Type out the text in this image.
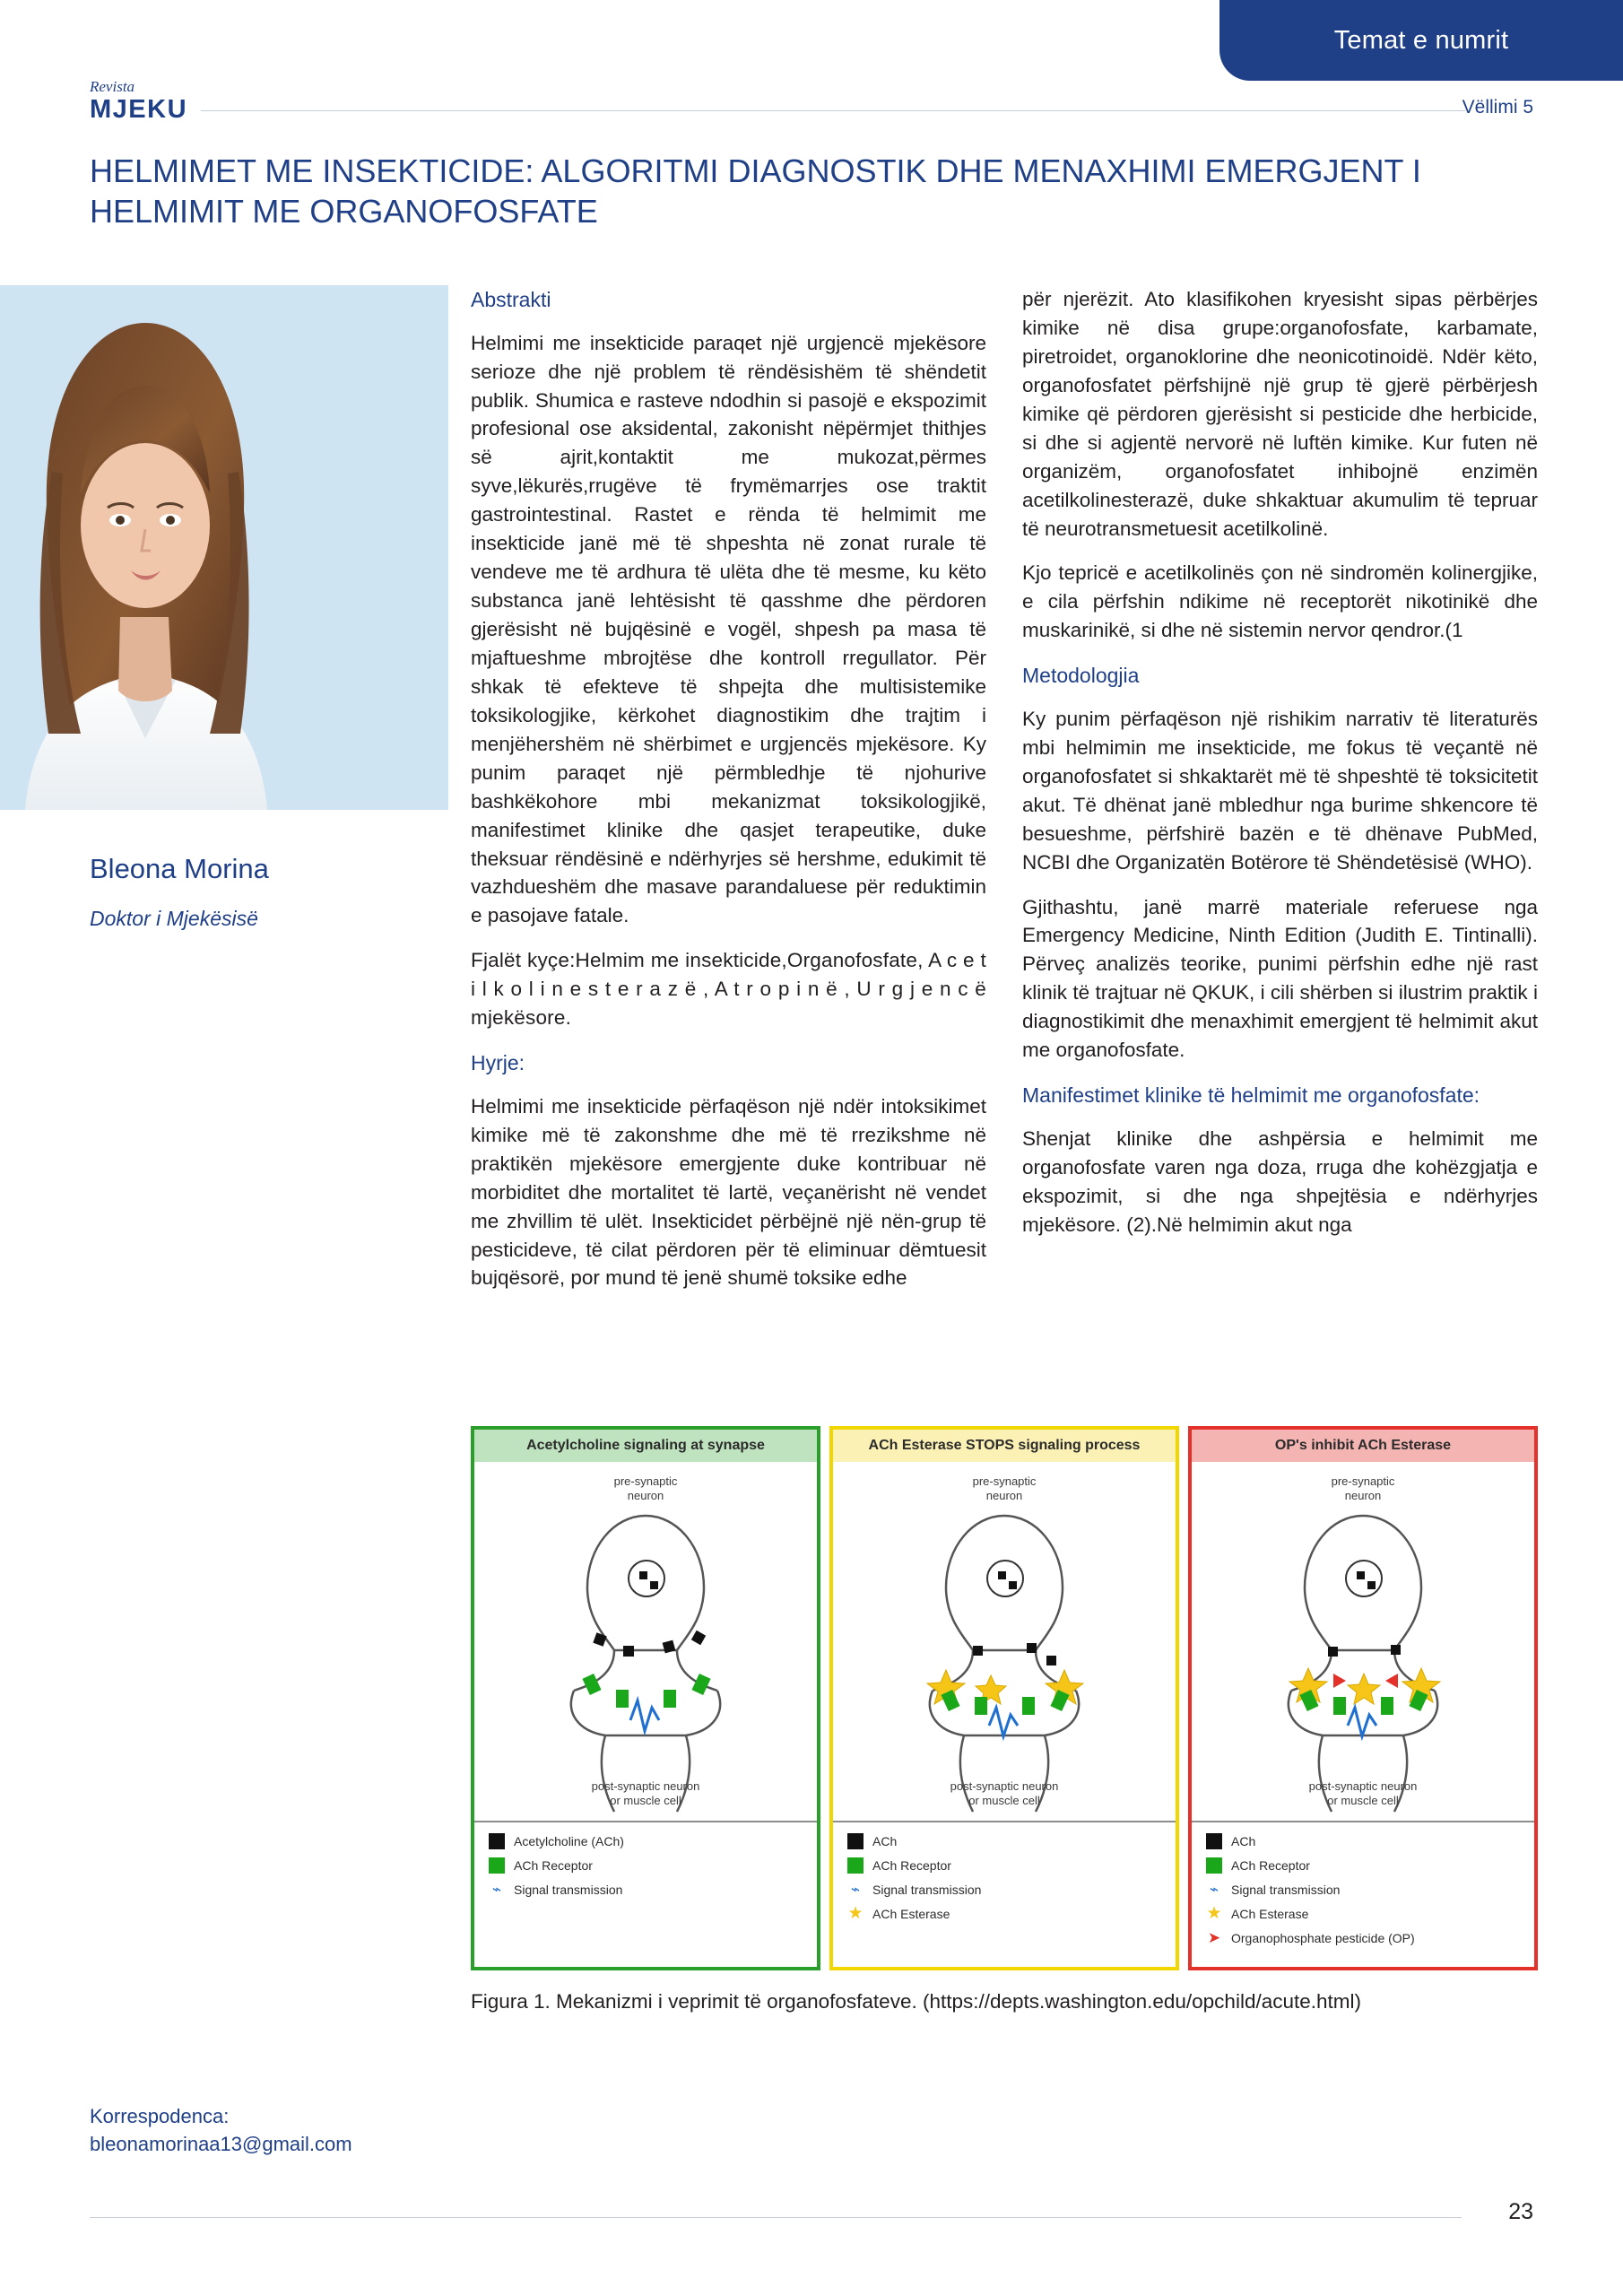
Temat e numrit
Revista
MJEKU	Vëllimi 5
HELMIMET ME INSEKTICIDE: ALGORITMI DIAGNOSTIK DHE MENAXHIMI EMERGJENT I HELMIMIT ME ORGANOFOSFATE
Bleona Morina
Doktor i Mjekësisë
Korrespodenca:
bleonamorinaa13@gmail.com
Abstrakti

Helmimi me insekticide paraqet një urgjencë mjekësore serioze dhe një problem të rëndësishëm të shëndetit publik. Shumica e rasteve ndodhin si pasojë e ekspozimit profesional ose aksidental, zakonisht nëpërmjet thithjes së ajrit,kontaktit me mukozat,përmes syve,lëkurës,rrugëve të frymëmarrjes ose traktit gastrointestinal. Rastet e rënda të helmimit me insekticide janë më të shpeshta në zonat rurale të vendeve me të ardhura të ulëta dhe të mesme, ku këto substanca janë lehtësisht të qasshme dhe përdoren gjerësisht në bujqësinë e vogël, shpesh pa masa të mjaftueshme mbrojtëse dhe kontroll rregullator. Për shkak të efekteve të shpejta dhe multisistemike toksikologjike, kërkohet diagnostikim dhe trajtim i menjëhershëm në shërbimet e urgjencës mjekësore. Ky punim paraqet një përmbledhje të njohurive bashkëkohore mbi mekanizmat toksikologjikë, manifestimet klinike dhe qasjet terapeutike, duke theksuar rëndësinë e ndërhyrjes së hershme, edukimit të vazhdueshëm dhe masave parandaluese për reduktimin e pasojave fatale.

Fjalët kyçe:Helmim me insekticide,Organofosfate, A c e t i l k o l i n e s t e r a z ë , A t r o p i n ë , U r g j e n c ë mjekësore.

Hyrje:

Helmimi me insekticide përfaqëson një ndër intoksikimet kimike më të zakonshme dhe më të rrezikshme në praktikën mjekësore emergjente duke kontribuar në morbiditet dhe mortalitet të lartë, veçanërisht në vendet me zhvillim të ulët. Insekticidet përbëjnë një nën-grup të pesticideve, të cilat përdoren për të eliminuar dëmtuesit bujqësorë, por mund të jenë shumë toksike edhe

për njerëzit. Ato klasifikohen kryesisht sipas përbërjes kimike në disa grupe:organofosfate, karbamate, piretroidet, organoklorine dhe neonicotinoidë. Ndër këto, organofosfatet përfshijnë një grup të gjerë përbërjesh kimike që përdoren gjerësisht si pesticide dhe herbicide, si dhe si agjentë nervorë në luftën kimike. Kur futen në organizëm, organofosfatet inhibojnë enzimën acetilkolinesterazë, duke shkaktuar akumulim të tepruar të neurotransmetuesit acetilkolinë.

Kjo tepricë e acetilkolinës çon në sindromën kolinergjike, e cila përfshin ndikime në receptorët nikotinikë dhe muskarinikë, si dhe në sistemin nervor qendror.(1

Metodologjia

Ky punim përfaqëson një rishikim narrativ të literaturës mbi helmimin me insekticide, me fokus të veçantë në organofosfatet si shkaktarët më të shpeshtë të toksicitetit akut. Të dhënat janë mbledhur nga burime shkencore të besueshme, përfshirë bazën e të dhënave PubMed, NCBI dhe Organizatën Botërore të Shëndetësisë (WHO).

Gjithashtu, janë marrë materiale referuese nga Emergency Medicine, Ninth Edition (Judith E. Tintinalli). Përveç analizës teorike, punimi përfshin edhe një rast klinik të trajtuar në QKUK, i cili shërben si ilustrim praktik i diagnostikimit dhe menaxhimit emergjent të helmimit akut me organofosfate.

Manifestimet klinike të helmimit me organofosfate:

Shenjat klinike dhe ashpërsia e helmimit me organofosfate varen nga doza, rruga dhe kohëzgjatja e ekspozimit, si dhe nga shpejtësia e ndërhyrjes mjekësore. (2).Në helmimin akut nga

Acetylcholine signaling at synapse
pre-synaptic
neuron
post-synaptic neuron
or muscle cell
Acetylcholine (ACh)
ACh Receptor
⌁ Signal transmission
ACh Esterase STOPS signaling process
pre-synaptic
neuron
post-synaptic neuron
or muscle cell
ACh
ACh Receptor
⌁ Signal transmission
★ ACh Esterase
OP's inhibit ACh Esterase
pre-synaptic
neuron
post-synaptic neuron
or muscle cell
ACh
ACh Receptor
⌁ Signal transmission
★ ACh Esterase
➤ Organophosphate pesticide (OP)
Figura 1. Mekanizmi i veprimit të organofosfateve. (https://depts.washington.edu/opchild/acute.html)
23
